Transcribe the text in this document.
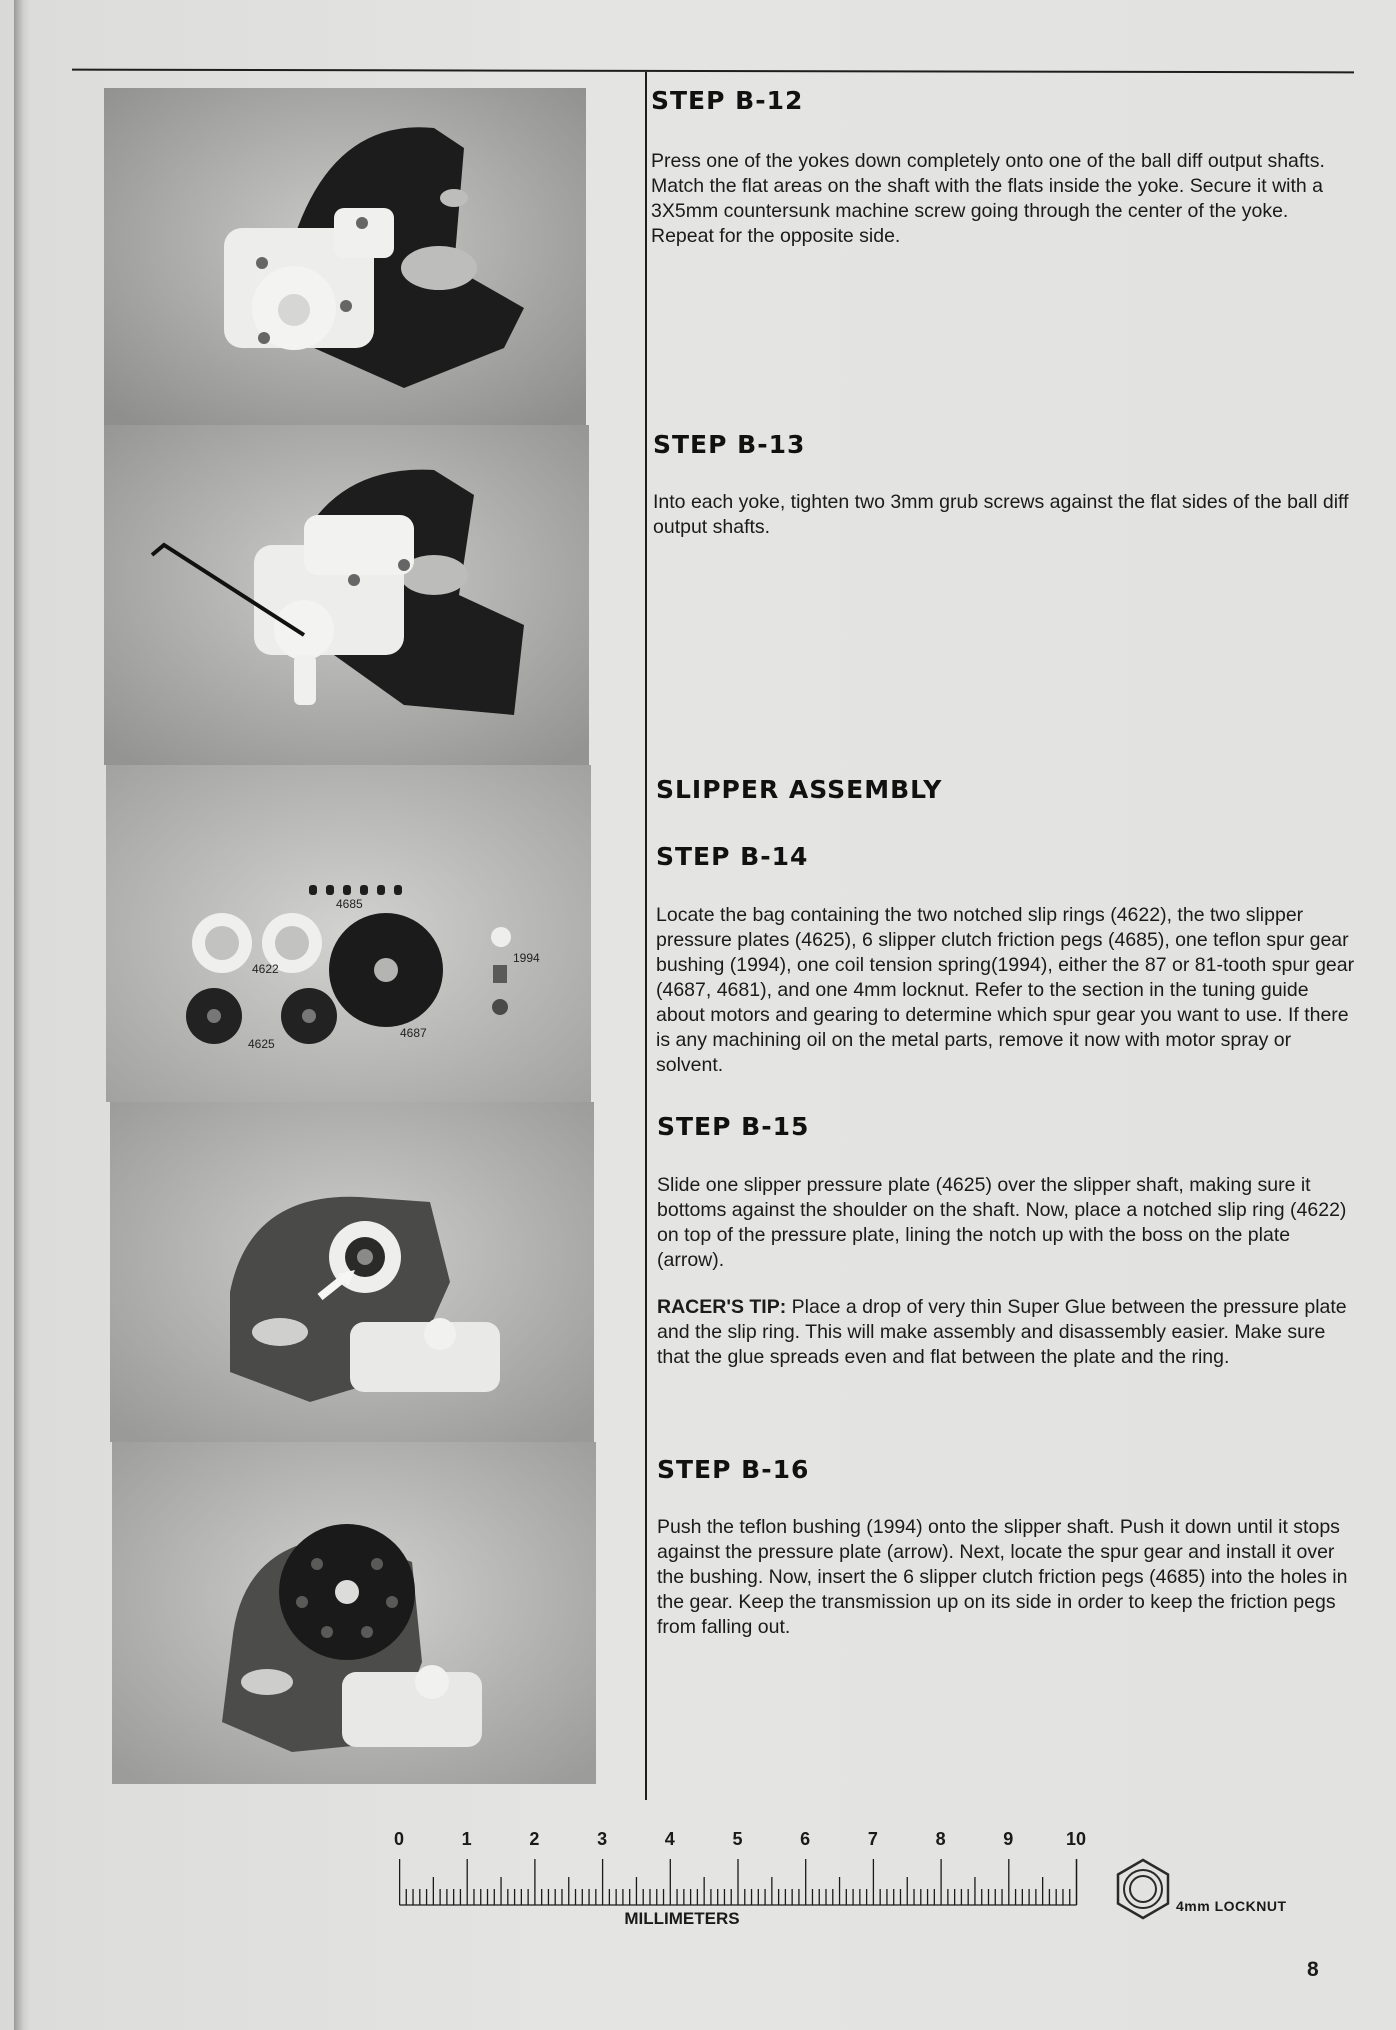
4685
4622
4625
4687
1994
STEP B-12
Press one of the yokes down completely onto one of the ball diff output shafts. Match the flat areas on the shaft with the flats inside the yoke. Secure it with a 3X5mm countersunk machine screw going through the center of the yoke. Repeat for the opposite side.
STEP B-13
Into each yoke, tighten two 3mm grub screws against the flat sides of the ball diff output shafts.
SLIPPER ASSEMBLY
STEP B-14
Locate the bag containing the two notched slip rings (4622), the two slipper pressure plates (4625), 6 slipper clutch friction pegs (4685), one teflon spur gear bushing (1994), one coil tension spring(1994), either the 87 or 81-tooth spur gear (4687, 4681), and one 4mm locknut. Refer to the section in the tuning guide about motors and gearing to determine which spur gear you want to use. If there is any machining oil on the metal parts, remove it now with motor spray or solvent.
STEP B-15
Slide one slipper pressure plate (4625) over the slipper shaft, making sure it bottoms against the shoulder on the shaft. Now, place a notched slip ring (4622) on top of the pressure plate, lining the notch up with the boss on the plate (arrow).
RACER'S TIP: Place a drop of very thin Super Glue between the pressure plate and the slip ring. This will make assembly and disassembly easier. Make sure that the glue spreads even and flat between the plate and the ring.
STEP B-16
Push the teflon bushing (1994) onto the slipper shaft. Push it down until it stops against the pressure plate (arrow). Next, locate the spur gear and install it over the bushing. Now, insert the 6 slipper clutch friction pegs (4685) into the holes in the gear. Keep the transmission up on its side in order to keep the friction pegs from falling out.
0	1	2	3	4	5	6	7	8	9	10
MILLIMETERS
4mm LOCKNUT
8
